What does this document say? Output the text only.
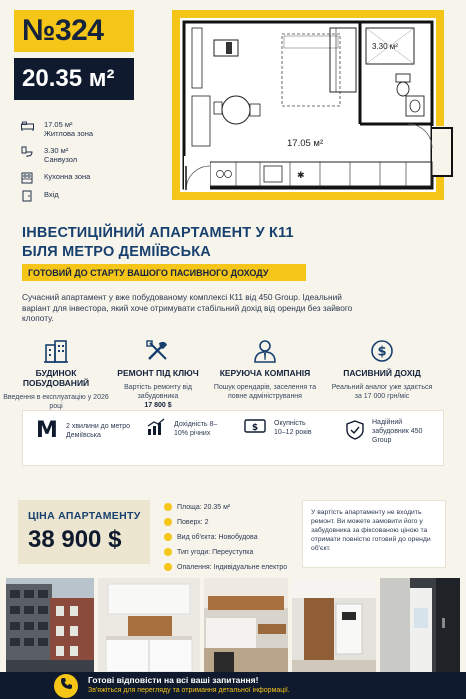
№324
20.35 м²
17.05 м²
Житлова зона
3.30 м²
Санвузол
Кухонна зона
Вхід
✱
3.30 м²
17.05 м²
ІНВЕСТИЦІЙНИЙ АПАРТАМЕНТ У К11
БІЛЯ МЕТРО ДЕМІЇВСЬКА
ГОТОВИЙ ДО СТАРТУ ВАШОГО ПАСИВНОГО ДОХОДУ
Сучасний апартамент у вже побудованому комплексі К11 від 450 Group. Ідеальний варіант для інвестора, який хоче отримувати стабільний дохід від оренди без зайвого клопоту.
БУДИНОК ПОБУДОВАНИЙ
Введення в експлуатацію у 2026 році
РЕМОНТ ПІД КЛЮЧ
Вартість ремонту від забудовника
17 800 $
КЕРУЮЧА КОМПАНІЯ
Пошук орендарів, заселення та повне адміністрування
$
ПАСИВНИЙ ДОХІД
Реальний аналог уже здається за 17 000 грн/міс
M 2 хвилини до метро Деміївська
Дохідність 8–10% річних	$ Окупність 10–12 років
Надійний забудовник 450 Group
ЦІНА АПАРТАМЕНТУ
38 900 $
Площа: 20.35 м²
Поверх: 2
Вид об'єкта: Новобудова
Тип угоди: Переуступка
Опалення: Індивідуальне електро
У вартість апартаменту не входить ремонт. Ви можете замовити його у забудовника за фіксованою ціною та отримати повністю готовий до оренди об'єкт.
Готові відповісти на всі ваші запитання!
Зв'яжіться для перегляду та отримання детальної інформації.
